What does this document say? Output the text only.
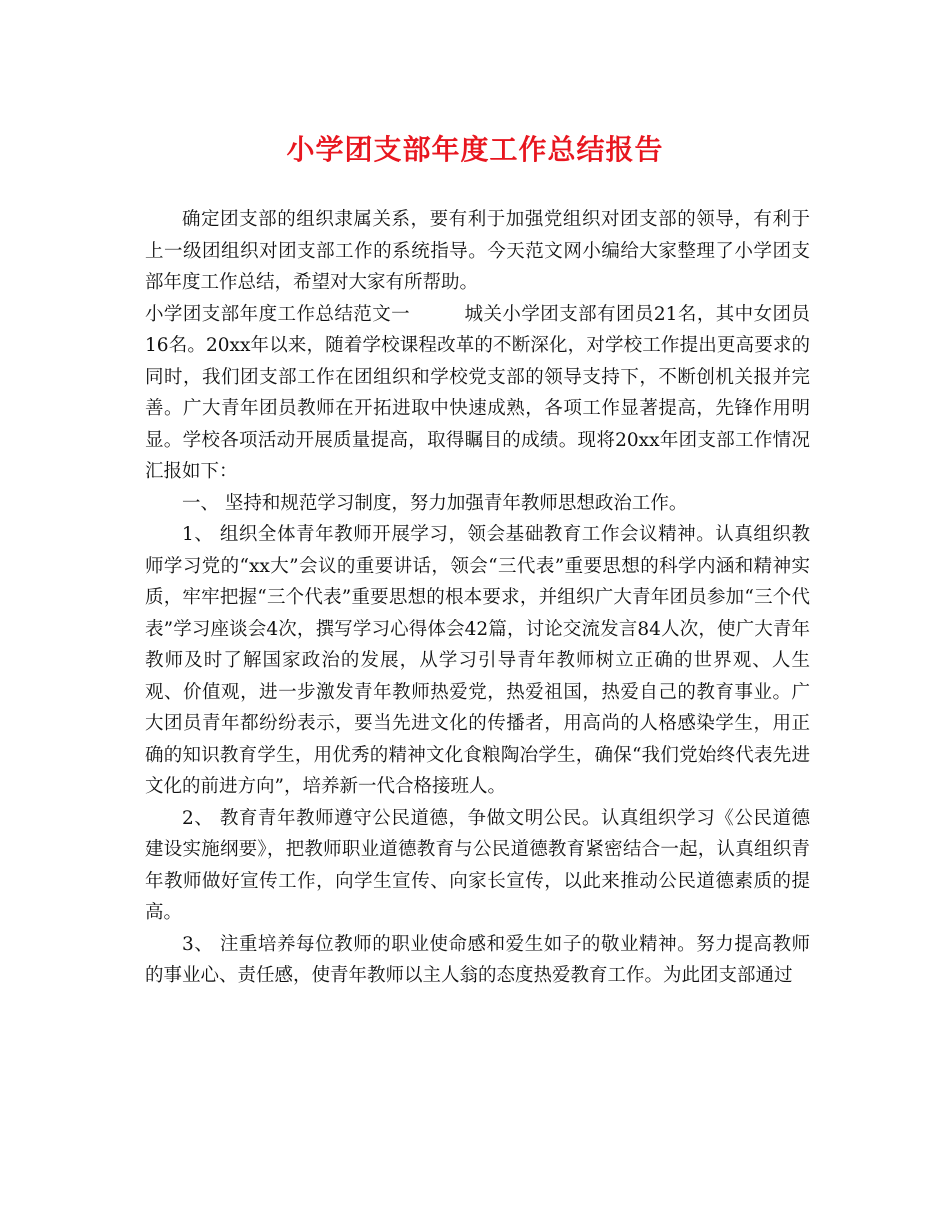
小学团支部年度工作总结报告

确定团支部的组织隶属关系，要有利于加强党组织对团支部的领导，有利于上一级团组织对团支部工作的系统指导。今天范文网小编给大家整理了小学团支部年度工作总结，希望对大家有所帮助。

小学团支部年度工作总结范文一	城关小学团支部有团员21名，其中女团员16名。20xx年以来，随着学校课程改革的不断深化，对学校工作提出更高要求的同时，我们团支部工作在团组织和学校党支部的领导支持下，不断创机关报并完善。广大青年团员教师在开拓进取中快速成熟，各项工作显著提高，先锋作用明显。学校各项活动开展质量提高，取得瞩目的成绩。现将20xx年团支部工作情况汇报如下：

一、 坚持和规范学习制度，努力加强青年教师思想政治工作。

1、 组织全体青年教师开展学习，领会基础教育工作会议精神。认真组织教师学习党的“xx大”会议的重要讲话，领会“三代表”重要思想的科学内涵和精神实质，牢牢把握“三个代表”重要思想的根本要求，并组织广大青年团员参加“三个代表”学习座谈会4次，撰写学习心得体会42篇，讨论交流发言84人次，使广大青年教师及时了解国家政治的发展，从学习引导青年教师树立正确的世界观、人生观、价值观，进一步激发青年教师热爱党，热爱祖国，热爱自己的教育事业。广大团员青年都纷纷表示，要当先进文化的传播者，用高尚的人格感染学生，用正确的知识教育学生，用优秀的精神文化食粮陶冶学生，确保“我们党始终代表先进文化的前进方向”，培养新一代合格接班人。

2、 教育青年教师遵守公民道德，争做文明公民。认真组织学习《公民道德建设实施纲要》，把教师职业道德教育与公民道德教育紧密结合一起，认真组织青年教师做好宣传工作，向学生宣传、向家长宣传，以此来推动公民道德素质的提高。

3、 注重培养每位教师的职业使命感和爱生如子的敬业精神。努力提高教师的事业心、责任感，使青年教师以主人翁的态度热爱教育工作。为此团支部通过
